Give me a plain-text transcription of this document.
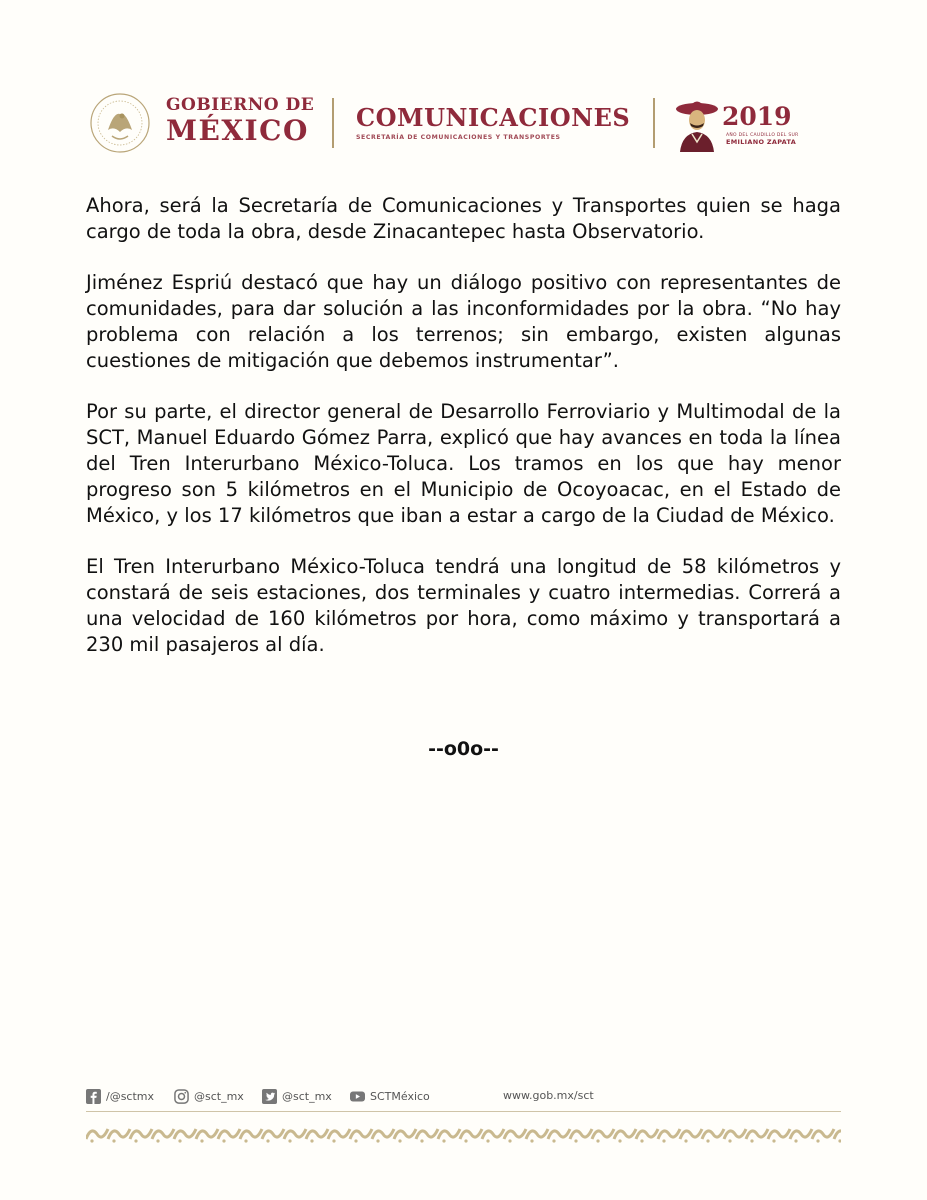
GOBIERNO DE
MÉXICO COMUNICACIONES
SECRETARÍA DE COMUNICACIONES Y TRANSPORTES
2019
AÑO DEL CAUDILLO DEL SUR
EMILIANO ZAPATA

Ahora, será la Secretaría de Comunicaciones y Transportes quien se haga cargo de toda la obra, desde Zinacantepec hasta Observatorio.

Jiménez Espriú destacó que hay un diálogo positivo con representantes de comunidades, para dar solución a las inconformidades por la obra. “No hay problema con relación a los terrenos; sin embargo, existen algunas cuestiones de mitigación que debemos instrumentar”.

Por su parte, el director general de Desarrollo Ferroviario y Multimodal de la SCT, Manuel Eduardo Gómez Parra, explicó que hay avances en toda la línea del Tren Interurbano México-Toluca. Los tramos en los que hay menor progreso son 5 kilómetros en el Municipio de Ocoyoacac, en el Estado de México, y los 17 kilómetros que iban a estar a cargo de la Ciudad de México.

El Tren Interurbano México-Toluca tendrá una longitud de 58 kilómetros y constará de seis estaciones, dos terminales y cuatro intermedias. Correrá a una velocidad de 160 kilómetros por hora, como máximo y transportará a 230 mil pasajeros al día.

--o0o--
/@sctmx	@sct_mx	@sct_mx	SCTMéxico	www.gob.mx/sct
